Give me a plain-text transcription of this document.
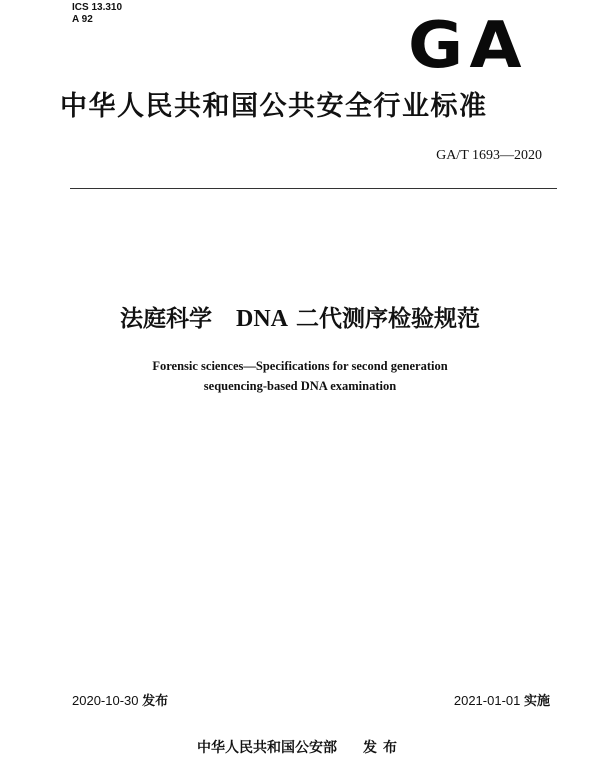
ICS 13.310
A 92	GA
中华人民共和国公共安全行业标准
GA/T 1693—2020
法庭科学 DNA 二代测序检验规范
Forensic sciences—Specifications for second generation
sequencing-based DNA examination
2020-10-30 发布	2021-01-01 实施
中华人民共和国公安部 发布
